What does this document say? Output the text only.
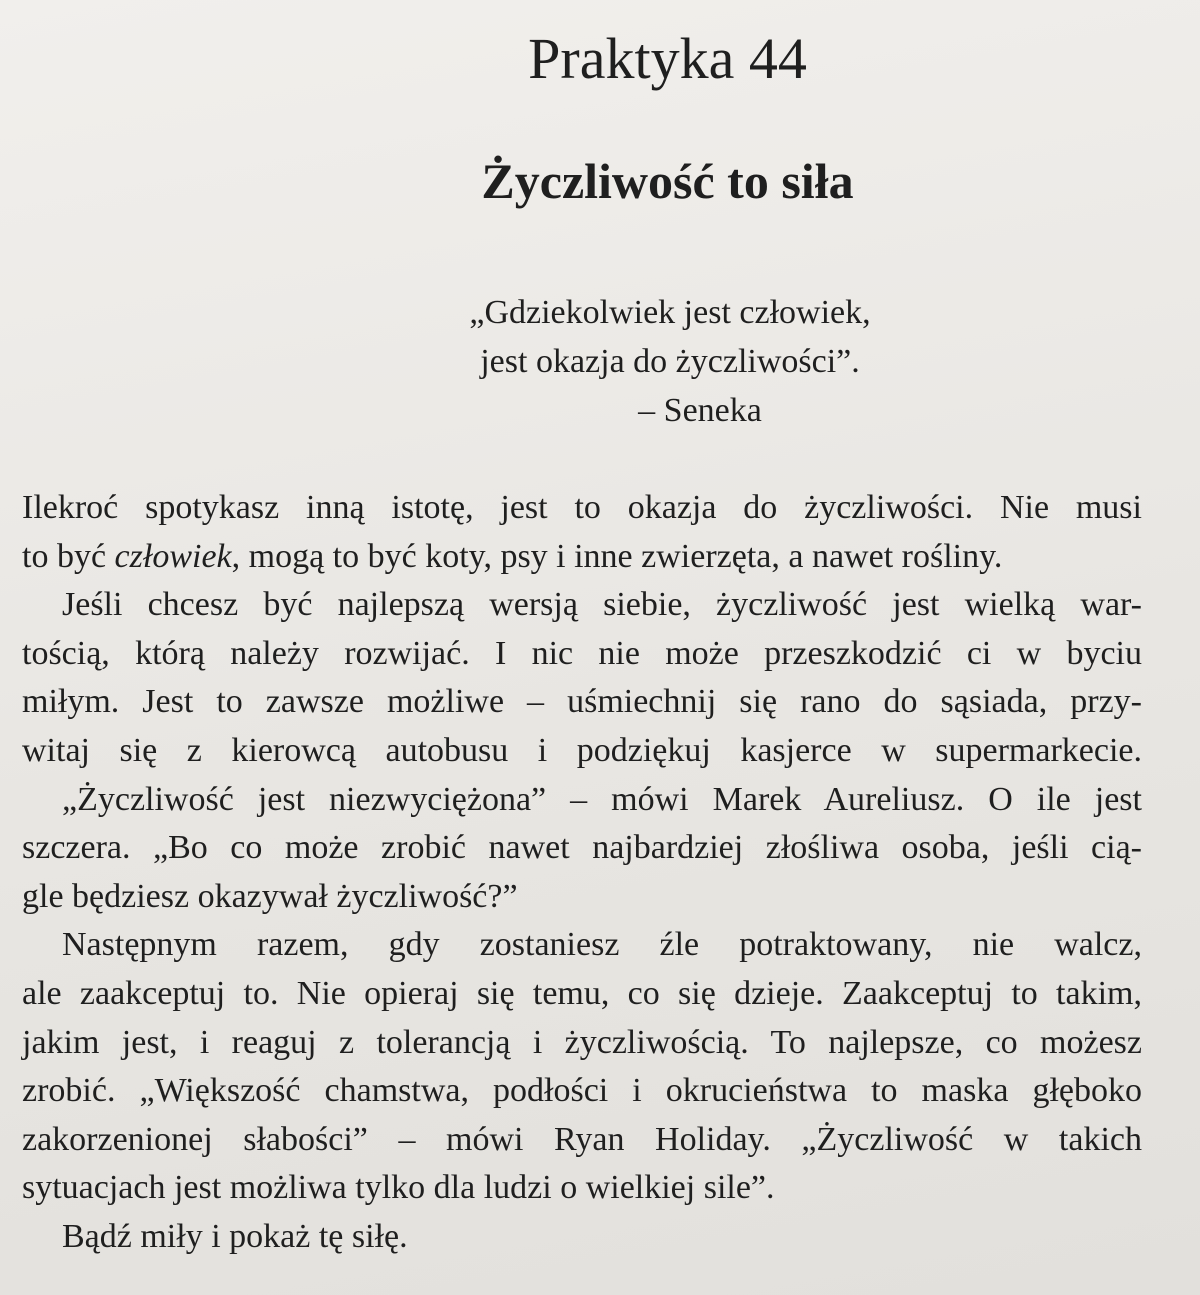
Praktyka 44
Życzliwość to siła
„Gdziekolwiek jest człowiek,
jest okazja do życzliwości”.
– Seneka
Ilekroć spotykasz inną istotę, jest to okazja do życzliwości. Nie musi
to być człowiek, mogą to być koty, psy i inne zwierzęta, a nawet rośliny.
Jeśli chcesz być najlepszą wersją siebie, życzliwość jest wielką war-
tością, którą należy rozwijać. I nic nie może przeszkodzić ci w byciu
miłym. Jest to zawsze możliwe – uśmiechnij się rano do sąsiada, przy-
witaj się z kierowcą autobusu i podziękuj kasjerce w supermarkecie.
„Życzliwość jest niezwyciężona” – mówi Marek Aureliusz. O ile jest
szczera. „Bo co może zrobić nawet najbardziej złośliwa osoba, jeśli cią-
gle będziesz okazywał życzliwość?”
Następnym razem, gdy zostaniesz źle potraktowany, nie walcz,
ale zaakceptuj to. Nie opieraj się temu, co się dzieje. Zaakceptuj to takim,
jakim jest, i reaguj z tolerancją i życzliwością. To najlepsze, co możesz
zrobić. „Większość chamstwa, podłości i okrucieństwa to maska głęboko
zakorzenionej słabości” – mówi Ryan Holiday. „Życzliwość w takich
sytuacjach jest możliwa tylko dla ludzi o wielkiej sile”.
Bądź miły i pokaż tę siłę.
